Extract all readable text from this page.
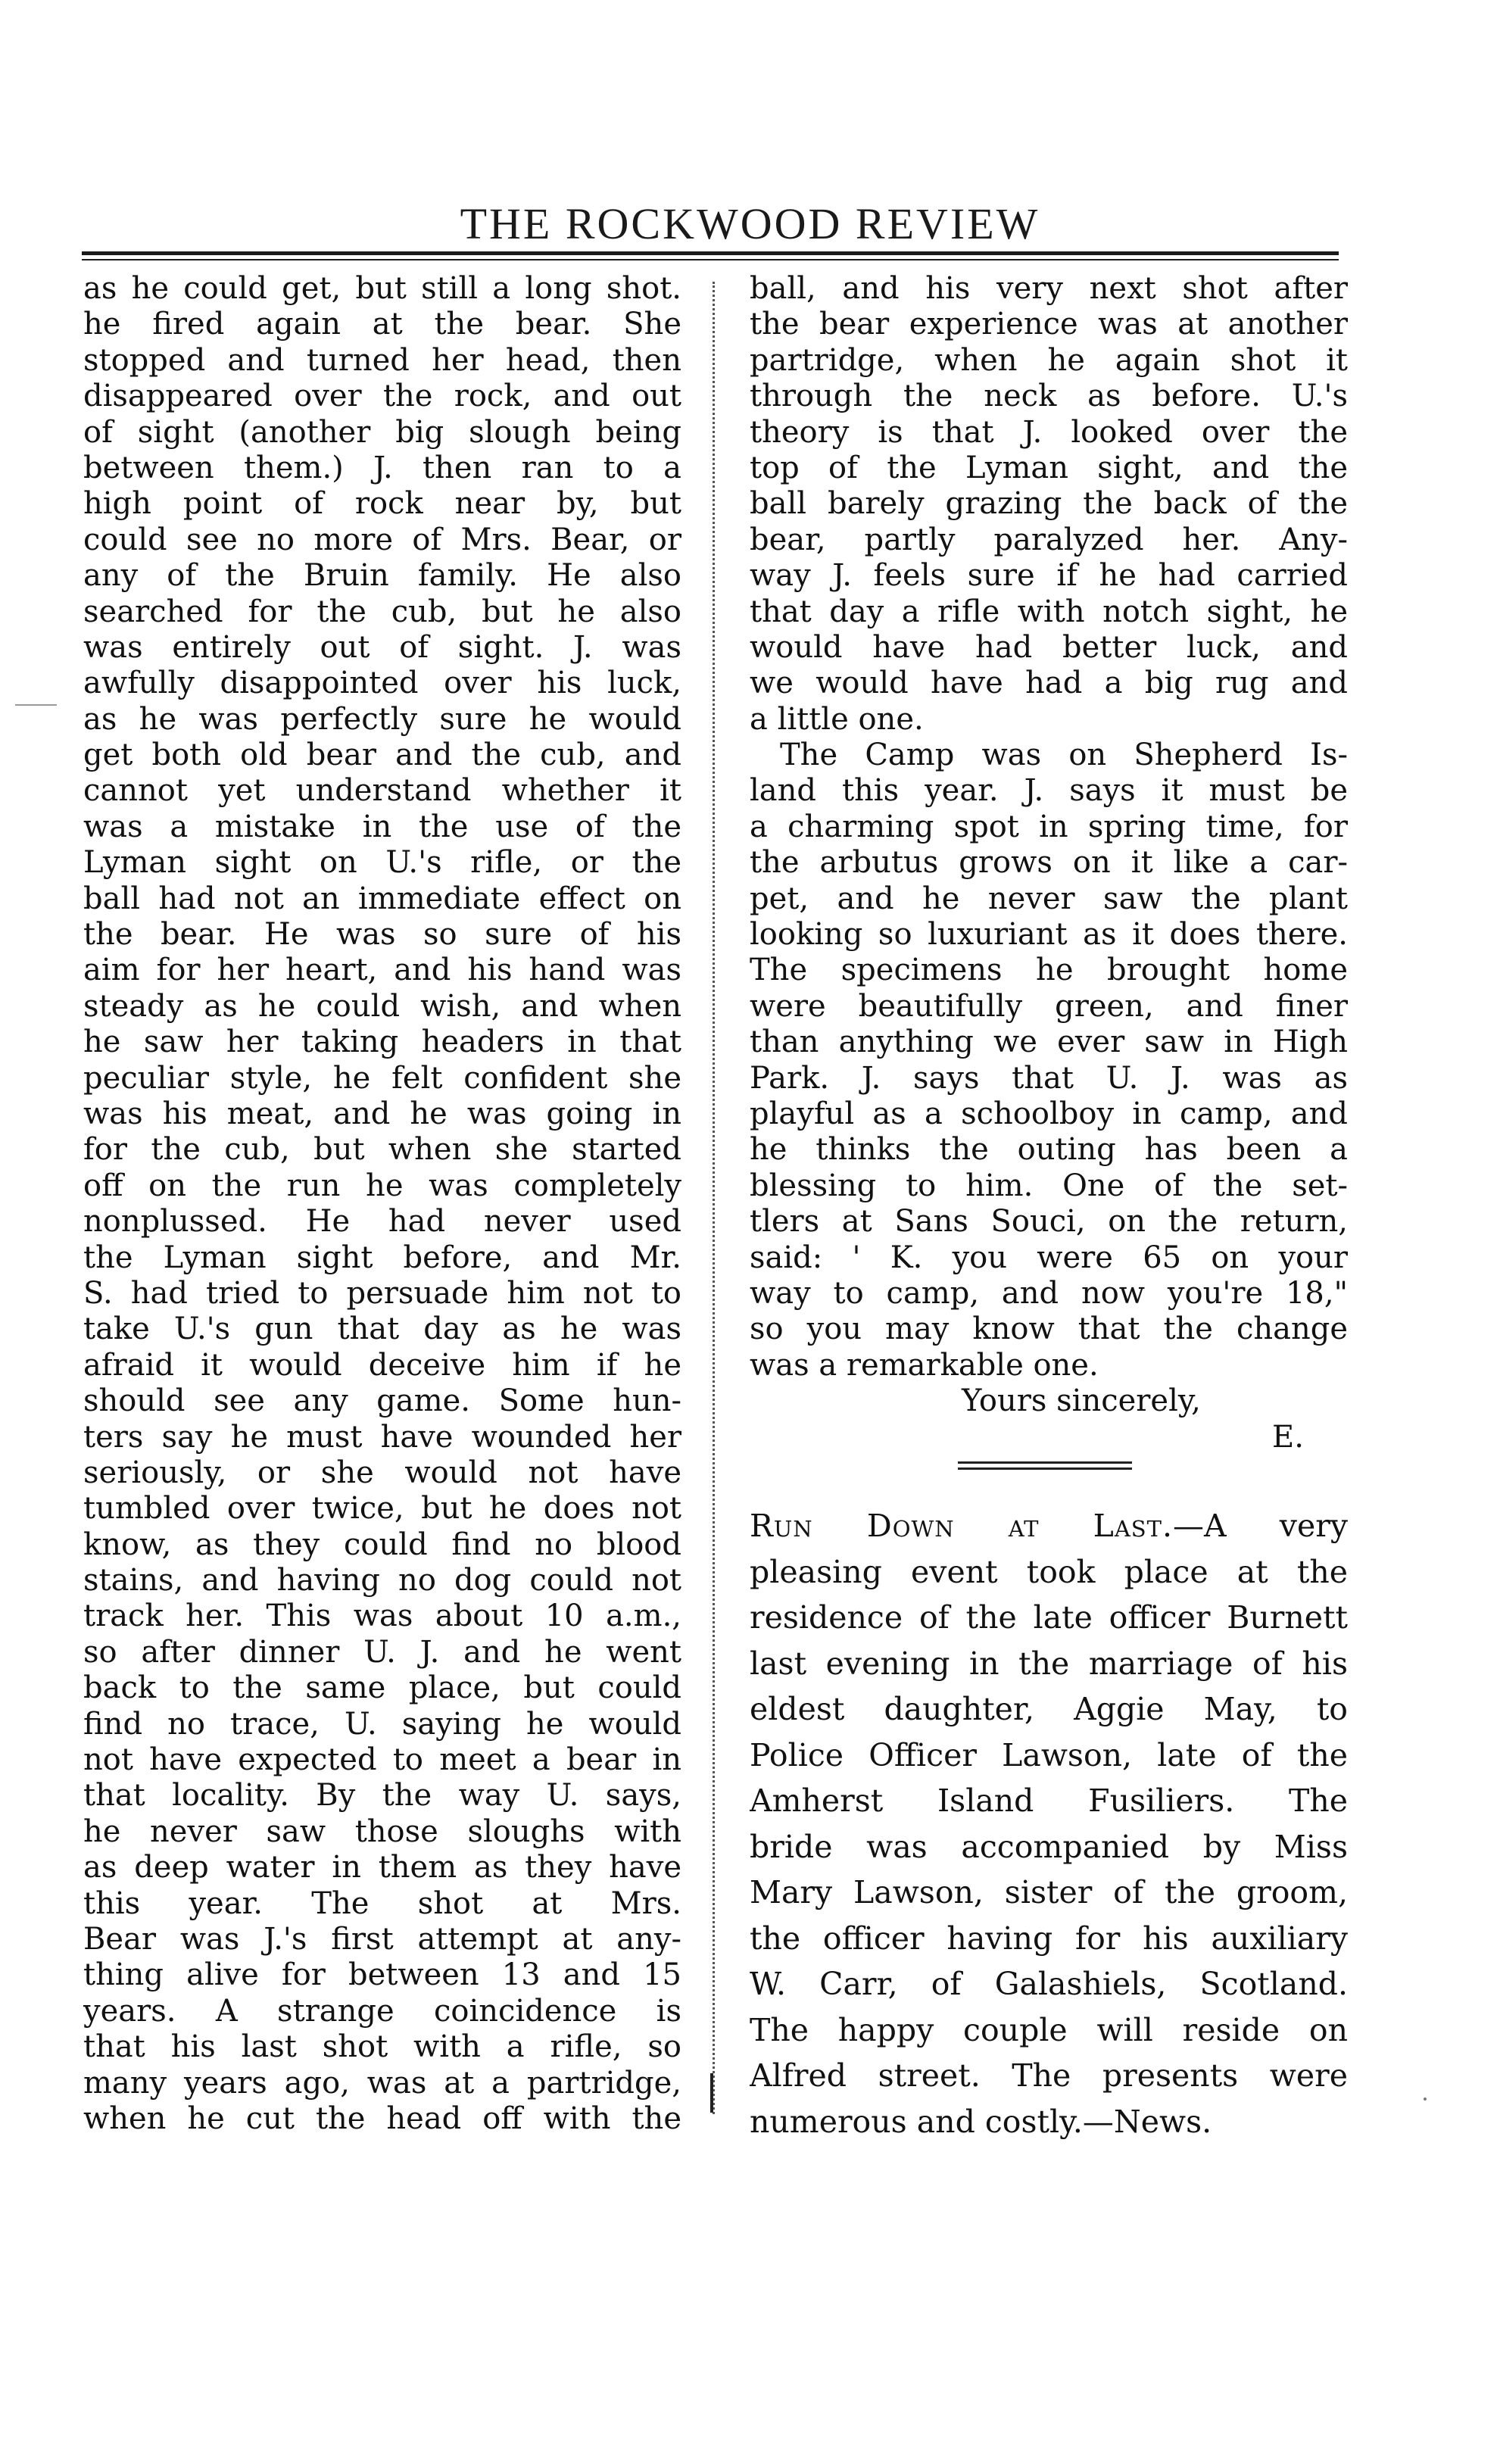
THE ROCKWOOD REVIEW
as he could get, but still a long shot.
he fired again at the bear. She
stopped and turned her head, then
disappeared over the rock, and out
of sight (another big slough being
between them.) J. then ran to a
high point of rock near by, but
could see no more of Mrs. Bear, or
any of the Bruin family. He also
searched for the cub, but he also
was entirely out of sight. J. was
awfully disappointed over his luck,
as he was perfectly sure he would
get both old bear and the cub, and
cannot yet understand whether it
was a mistake in the use of the
Lyman sight on U.'s rifle, or the
ball had not an immediate effect on
the bear. He was so sure of his
aim for her heart, and his hand was
steady as he could wish, and when
he saw her taking headers in that
peculiar style, he felt confident she
was his meat, and he was going in
for the cub, but when she started
off on the run he was completely
nonplussed. He had never used
the Lyman sight before, and Mr.
S. had tried to persuade him not to
take U.'s gun that day as he was
afraid it would deceive him if he
should see any game. Some hun-
ters say he must have wounded her
seriously, or she would not have
tumbled over twice, but he does not
know, as they could find no blood
stains, and having no dog could not
track her. This was about 10 a.m.,
so after dinner U. J. and he went
back to the same place, but could
find no trace, U. saying he would
not have expected to meet a bear in
that locality. By the way U. says,
he never saw those sloughs with
as deep water in them as they have
this year. The shot at Mrs.
Bear was J.'s first attempt at any-
thing alive for between 13 and 15
years. A strange coincidence is
that his last shot with a rifle, so
many years ago, was at a partridge,
when he cut the head off with the
ball, and his very next shot after
the bear experience was at another
partridge, when he again shot it
through the neck as before. U.'s
theory is that J. looked over the
top of the Lyman sight, and the
ball barely grazing the back of the
bear, partly paralyzed her. Any-
way J. feels sure if he had carried
that day a rifle with notch sight, he
would have had better luck, and
we would have had a big rug and
a little one.
The Camp was on Shepherd Is-
land this year. J. says it must be
a charming spot in spring time, for
the arbutus grows on it like a car-
pet, and he never saw the plant
looking so luxuriant as it does there.
The specimens he brought home
were beautifully green, and finer
than anything we ever saw in High
Park. J. says that U. J. was as
playful as a schoolboy in camp, and
he thinks the outing has been a
blessing to him. One of the set-
tlers at Sans Souci, on the return,
said: ' K. you were 65 on your
way to camp, and now you're 18,"
so you may know that the change
was a remarkable one.
Yours sincerely,
E.
Run Down at Last.—A very
pleasing event took place at the
residence of the late officer Burnett
last evening in the marriage of his
eldest daughter, Aggie May, to
Police Officer Lawson, late of the
Amherst Island Fusiliers. The
bride was accompanied by Miss
Mary Lawson, sister of the groom,
the officer having for his auxiliary
W. Carr, of Galashiels, Scotland.
The happy couple will reside on
Alfred street. The presents were
numerous and costly.—News.
